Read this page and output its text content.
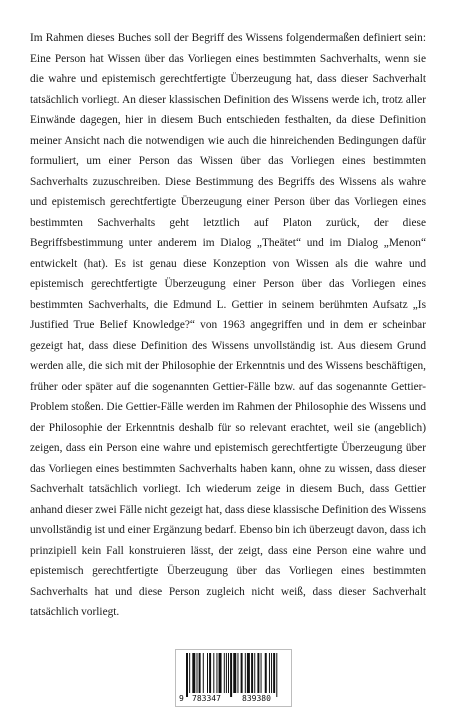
Im Rahmen dieses Buches soll der Begriff des Wissens folgendermaßen definiert sein: Eine Person hat Wissen über das Vorliegen eines bestimmten Sachverhalts, wenn sie die wahre und epistemisch gerechtfertigte Überzeugung hat, dass dieser Sachverhalt tatsächlich vorliegt. An dieser klassischen Definition des Wissens werde ich, trotz aller Einwände dagegen, hier in diesem Buch entschieden festhalten, da diese Definition meiner Ansicht nach die notwendigen wie auch die hinreichenden Bedingungen dafür formuliert, um einer Person das Wissen über das Vorliegen eines bestimmten Sachverhalts zuzuschreiben. Diese Bestimmung des Begriffs des Wissens als wahre und epistemisch gerechtfertigte Überzeugung einer Person über das Vorliegen eines bestimmten Sachverhalts geht letztlich auf Platon zurück, der diese Begriffsbestimmung unter anderem im Dialog „Theätet“ und im Dialog „Menon“ entwickelt (hat). Es ist genau diese Konzeption von Wissen als die wahre und epistemisch gerechtfertigte Überzeugung einer Person über das Vorliegen eines bestimmten Sachverhalts, die Edmund L. Gettier in seinem berühmten Aufsatz „Is Justified True Belief Knowledge?“ von 1963 angegriffen und in dem er scheinbar gezeigt hat, dass diese Definition des Wissens unvollständig ist. Aus diesem Grund werden alle, die sich mit der Philosophie der Erkenntnis und des Wissens beschäftigen, früher oder später auf die sogenannten Gettier-Fälle bzw. auf das sogenannte Gettier-Problem stoßen. Die Gettier-Fälle werden im Rahmen der Philosophie des Wissens und der Philosophie der Erkenntnis deshalb für so relevant erachtet, weil sie (angeblich) zeigen, dass ein Person eine wahre und epistemisch gerechtfertigte Überzeugung über das Vorliegen eines bestimmten Sachverhalts haben kann, ohne zu wissen, dass dieser Sachverhalt tatsächlich vorliegt. Ich wiederum zeige in diesem Buch, dass Gettier anhand dieser zwei Fälle nicht gezeigt hat, dass diese klassische Definition des Wissens unvollständig ist und einer Ergänzung bedarf. Ebenso bin ich überzeugt davon, dass ich prinzipiell kein Fall konstruieren lässt, der zeigt, dass eine Person eine wahre und epistemisch gerechtfertigte Überzeugung über das Vorliegen eines bestimmten Sachverhalts hat und diese Person zugleich nicht weiß, dass dieser Sachverhalt tatsächlich vorliegt.

9 783347	839380
